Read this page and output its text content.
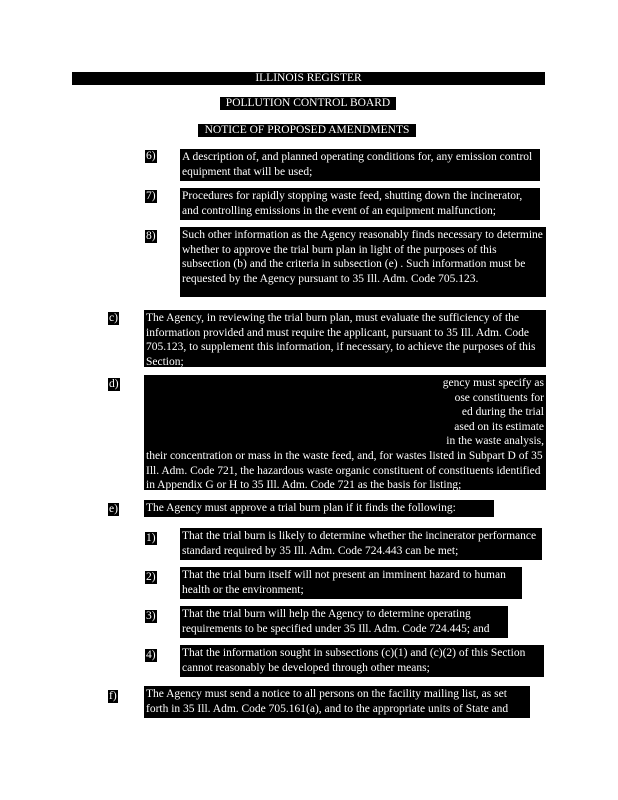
ILLINOIS REGISTER
POLLUTION CONTROL BOARD
NOTICE OF PROPOSED AMENDMENTS
6) A description of, and planned operating conditions for, any emission control equipment that will be used;
7) Procedures for rapidly stopping waste feed, shutting down the incinerator, and controlling emissions in the event of an equipment malfunction;
8) Such other information as the Agency reasonably finds necessary to determine whether to approve the trial burn plan in light of the purposes of this subsection (b) and the criteria in subsection (e) . Such information must be requested by the Agency pursuant to 35 Ill. Adm. Code 705.123.
c) The Agency, in reviewing the trial burn plan, must evaluate the sufficiency of the information provided and must require the applicant, pursuant to 35 Ill. Adm. Code 705.123, to supplement this information, if necessary, to achieve the purposes of this Section;
d)	gency must specify as
ose constituents for
ed during the trial
ased on its estimate
in the waste analysis,
their concentration or mass in the waste feed, and, for wastes listed in Subpart D of 35 Ill. Adm. Code 721, the hazardous waste organic constituent of constituents identified in Appendix G or H to 35 Ill. Adm. Code 721 as the basis for listing;
e) The Agency must approve a trial burn plan if it finds the following:
1) That the trial burn is likely to determine whether the incinerator performance standard required by 35 Ill. Adm. Code 724.443 can be met;
2) That the trial burn itself will not present an imminent hazard to human health or the environment;
3) That the trial burn will help the Agency to determine operating requirements to be specified under 35 Ill. Adm. Code 724.445; and
4) That the information sought in subsections (c)(1) and (c)(2) of this Section cannot reasonably be developed through other means;
f)	The Agency must send a notice to all persons on the facility mailing list, as set forth in 35 Ill. Adm. Code 705.161(a), and to the appropriate units of State and
